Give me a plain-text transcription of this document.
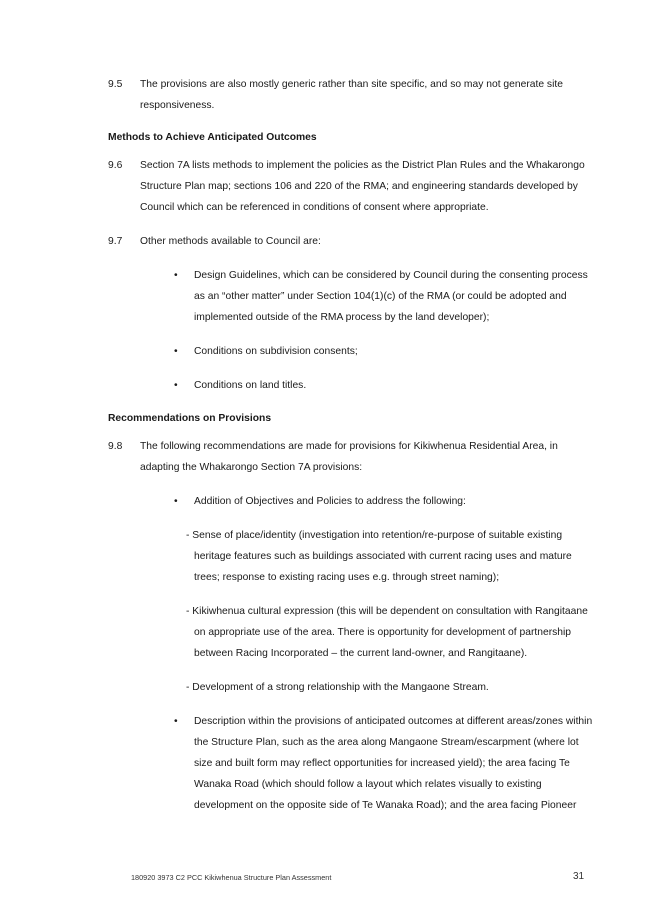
9.5 The provisions are also mostly generic rather than site specific, and so may not generate site responsiveness.
Methods to Achieve Anticipated Outcomes
9.6 Section 7A lists methods to implement the policies as the District Plan Rules and the Whakarongo Structure Plan map; sections 106 and 220 of the RMA; and engineering standards developed by Council which can be referenced in conditions of consent where appropriate.
9.7 Other methods available to Council are:
• Design Guidelines, which can be considered by Council during the consenting process as an “other matter” under Section 104(1)(c) of the RMA (or could be adopted and implemented outside of the RMA process by the land developer);
• Conditions on subdivision consents;
• Conditions on land titles.
Recommendations on Provisions
9.8 The following recommendations are made for provisions for Kikiwhenua Residential Area, in adapting the Whakarongo Section 7A provisions:
• Addition of Objectives and Policies to address the following:
- Sense of place/identity (investigation into retention/re-purpose of suitable existing heritage features such as buildings associated with current racing uses and mature trees; response to existing racing uses e.g. through street naming);
- Kikiwhenua cultural expression (this will be dependent on consultation with Rangitaane on appropriate use of the area. There is opportunity for development of partnership between Racing Incorporated – the current land-owner, and Rangitaane).
- Development of a strong relationship with the Mangaone Stream.
• Description within the provisions of anticipated outcomes at different areas/zones within the Structure Plan, such as the area along Mangaone Stream/escarpment (where lot size and built form may reflect opportunities for increased yield); the area facing Te Wanaka Road (which should follow a layout which relates visually to existing development on the opposite side of Te Wanaka Road); and the area facing Pioneer
180920 3973 C2 PCC Kikiwhenua Structure Plan Assessment	31
